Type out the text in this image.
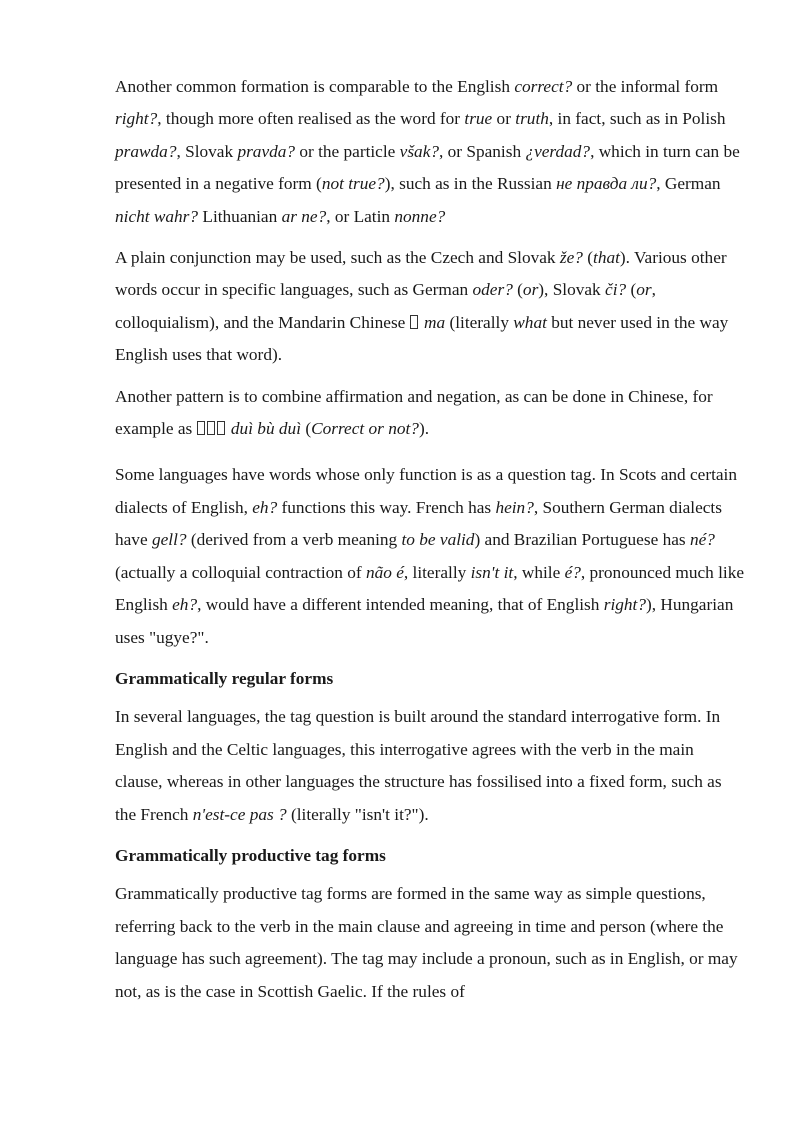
Another common formation is comparable to the English correct? or the informal form right?, though more often realised as the word for true or truth, in fact, such as in Polish prawda?, Slovak pravda? or the particle však?, or Spanish ¿verdad?, which in turn can be presented in a negative form (not true?), such as in the Russian не правда ли?, German nicht wahr? Lithuanian ar ne?, or Latin nonne?

A plain conjunction may be used, such as the Czech and Slovak že? (that). Various other words occur in specific languages, such as German oder? (or), Slovak či? (or, colloquialism), and the Mandarin Chinese  ma (literally what but never used in the way English uses that word).

Another pattern is to combine affirmation and negation, as can be done in Chinese, for example as  duì bù duì (Correct or not?).

Some languages have words whose only function is as a question tag. In Scots and certain dialects of English, eh? functions this way. French has hein?, Southern German dialects have gell? (derived from a verb meaning to be valid) and Brazilian Portuguese has né? (actually a colloquial contraction of não é, literally isn't it, while é?, pronounced much like English eh?, would have a different intended meaning, that of English right?), Hungarian uses "ugye?".

Grammatically regular forms

In several languages, the tag question is built around the standard interrogative form. In English and the Celtic languages, this interrogative agrees with the verb in the main clause, whereas in other languages the structure has fossilised into a fixed form, such as the French n'est-ce pas ? (literally "isn't it?").

Grammatically productive tag forms

Grammatically productive tag forms are formed in the same way as simple questions, referring back to the verb in the main clause and agreeing in time and person (where the language has such agreement). The tag may include a pronoun, such as in English, or may not, as is the case in Scottish Gaelic. If the rules of
